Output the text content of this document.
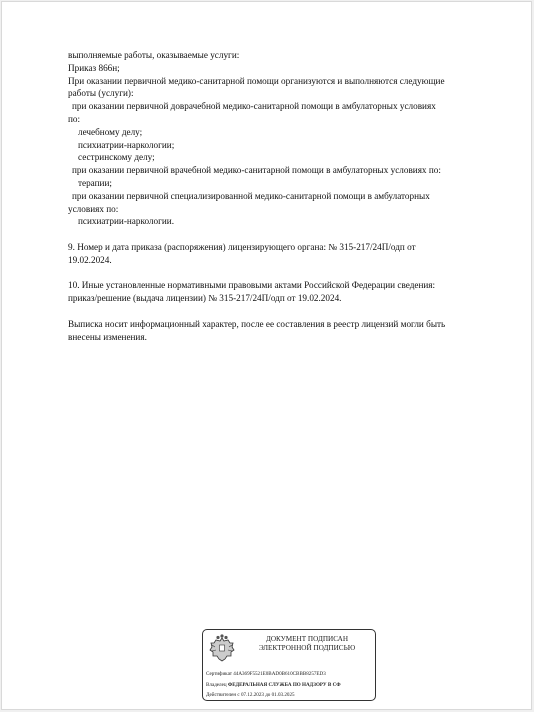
выполняемые работы, оказываемые услуги:
Приказ 866н;
При оказании первичной медико-санитарной помощи организуются и выполняются следующие
работы (услуги):
при оказании первичной доврачебной медико-санитарной помощи в амбулаторных условиях
по:
лечебному делу;
психиатрии-наркологии;
сестринскому делу;
при оказании первичной врачебной медико-санитарной помощи в амбулаторных условиях по:
терапии;
при оказании первичной специализированной медико-санитарной помощи в амбулаторных
условиях по:
психиатрии-наркологии.
9. Номер и дата приказа (распоряжения) лицензирующего органа: № 315-217/24П/одп от
19.02.2024.
10. Иные установленные нормативными правовыми актами Российской Федерации сведения:
приказ/решение (выдача лицензии) № 315-217/24П/одп от 19.02.2024.
Выписка носит информационный характер, после ее составления в реестр лицензий могли быть
внесены изменения.
ДОКУМЕНТ ПОДПИСАН
ЭЛЕКТРОННОЙ ПОДПИСЬЮ
Сертификат 44A369F5521E0BAD0B610CBBB8257ED3
Владелец ФЕДЕРАЛЬНАЯ СЛУЖБА ПО НАДЗОРУ В СФ
Действителен с 07.12.2023 до 01.03.2025
